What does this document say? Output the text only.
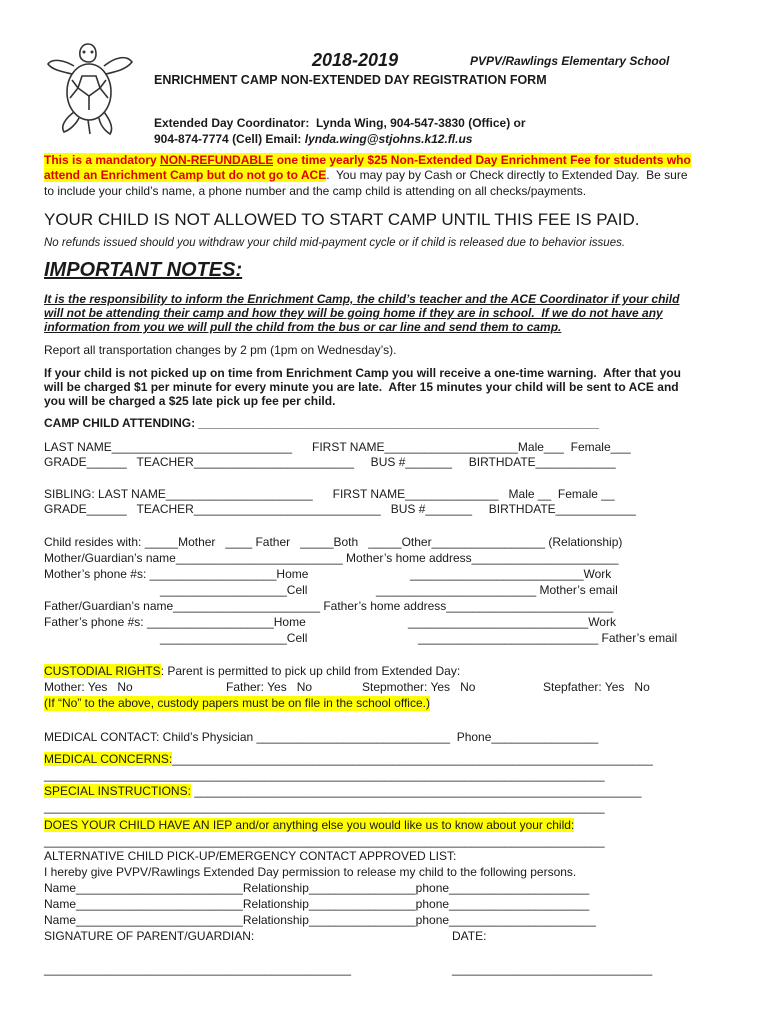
2018-2019	PVPV/Rawlings Elementary School
ENRICHMENT CAMP NON-EXTENDED DAY REGISTRATION FORM
Extended Day Coordinator:  Lynda Wing, 904-547-3830 (Office) or
904-874-7774 (Cell) Email: lynda.wing@stjohns.k12.fl.us
This is a mandatory NON-REFUNDABLE one time yearly $25 Non-Extended Day Enrichment Fee for students who
attend an Enrichment Camp but do not go to ACE.  You may pay by Cash or Check directly to Extended Day.  Be sure
to include your child’s name, a phone number and the camp child is attending on all checks/payments.
YOUR CHILD IS NOT ALLOWED TO START CAMP UNTIL THIS FEE IS PAID.
No refunds issued should you withdraw your child mid-payment cycle or if child is released due to behavior issues.
IMPORTANT NOTES:
It is the responsibility to inform the Enrichment Camp, the child’s teacher and the ACE Coordinator if your child
will not be attending their camp and how they will be going home if they are in school.  If we do not have any
information from you we will pull the child from the bus or car line and send them to camp.
Report all transportation changes by 2 pm (1pm on Wednesday’s).
If your child is not picked up on time from Enrichment Camp you will receive a one-time warning.  After that you
will be charged $1 per minute for every minute you are late.  After 15 minutes your child will be sent to ACE and
you will be charged a $25 late pick up fee per child.
CAMP CHILD ATTENDING: ____________________________________________________________
LAST NAME___________________________      FIRST NAME____________________Male___  Female___
GRADE______   TEACHER________________________     BUS #_______     BIRTHDATE____________
SIBLING: LAST NAME______________________      FIRST NAME______________   Male __  Female __
GRADE______   TEACHER____________________________   BUS #_______     BIRTHDATE____________
Child resides with: _____Mother   ____ Father   _____Both   _____Other_________________ (Relationship)
Mother/Guardian’s name_________________________ Mother’s home address______________________
Mother’s phone #s: ___________________Home	__________________________Work
___________________Cell	________________________ Mother’s email
Father/Guardian’s name______________________ Father’s home address_________________________
Father’s phone #s: ___________________Home	___________________________Work
___________________Cell	___________________________ Father’s email
CUSTODIAL RIGHTS: Parent is permitted to pick up child from Extended Day:
Mother: Yes   No	Father: Yes   No	Stepmother: Yes   No	Stepfather: Yes   No
(If “No” to the above, custody papers must be on file in the school office.)
MEDICAL CONTACT: Child’s Physician _____________________________  Phone________________
MEDICAL CONCERNS:________________________________________________________________________
____________________________________________________________________________________
SPECIAL INSTRUCTIONS: ___________________________________________________________________
____________________________________________________________________________________
DOES YOUR CHILD HAVE AN IEP and/or anything else you would like us to know about your child:
____________________________________________________________________________________
ALTERNATIVE CHILD PICK-UP/EMERGENCY CONTACT APPROVED LIST:
I hereby give PVPV/Rawlings Extended Day permission to release my child to the following persons.
Name_________________________Relationship________________phone_____________________
Name_________________________Relationship________________phone_____________________
Name_________________________Relationship________________phone______________________
SIGNATURE OF PARENT/GUARDIAN:	DATE:
______________________________________________	______________________________
